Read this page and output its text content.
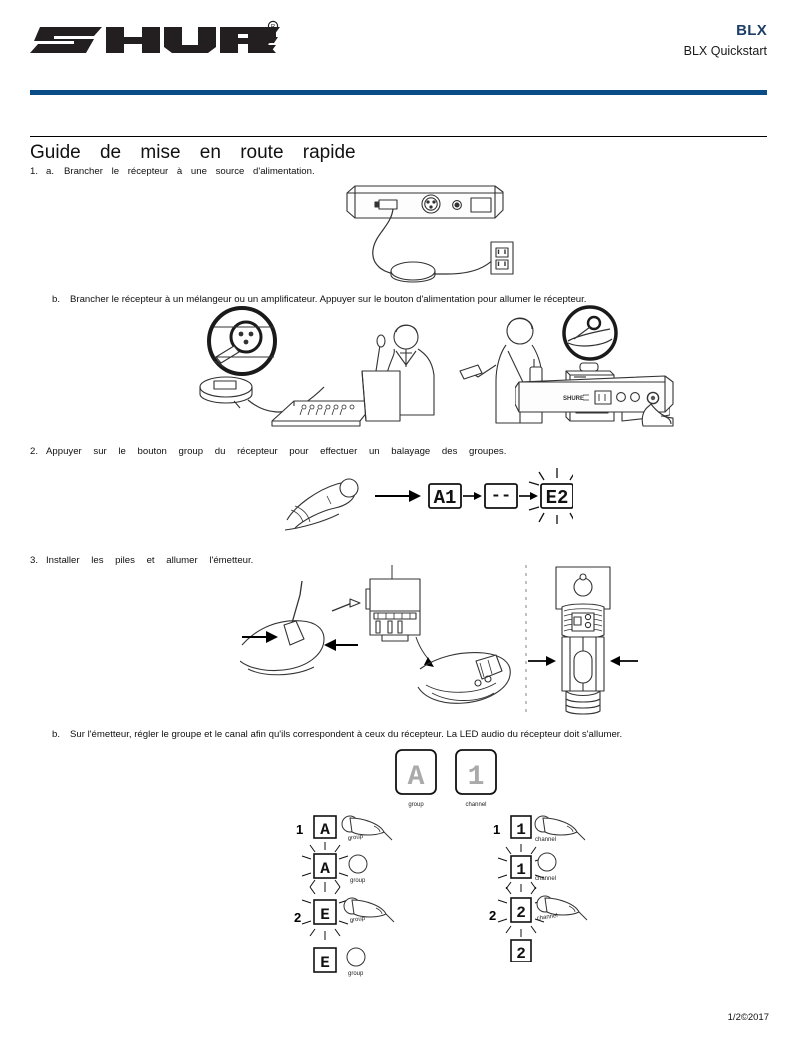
R	BLX
BLX Quickstart
Guide de mise en route rapide
1. a. Brancher le récepteur à une source d'alimentation.
b. Brancher le récepteur à un mélangeur ou un amplificateur. Appuyer sur le bouton d'alimentation pour allumer le récepteur.
SHURE
2. Appuyer sur le bouton group du récepteur pour effectuer un balayage des groupes.
A1 -- E2
3. Installer les piles et allumer l'émetteur.
b. Sur l'émetteur, régler le groupe et le canal afin qu'ils correspondent à ceux du récepteur. La LED audio du récepteur doit s'allumer.
A
group
1
channel
1 A	group
A
group
2 E	group
E
group
1 1
channel
1 channel
2 2 channel
2
1/2©2017
